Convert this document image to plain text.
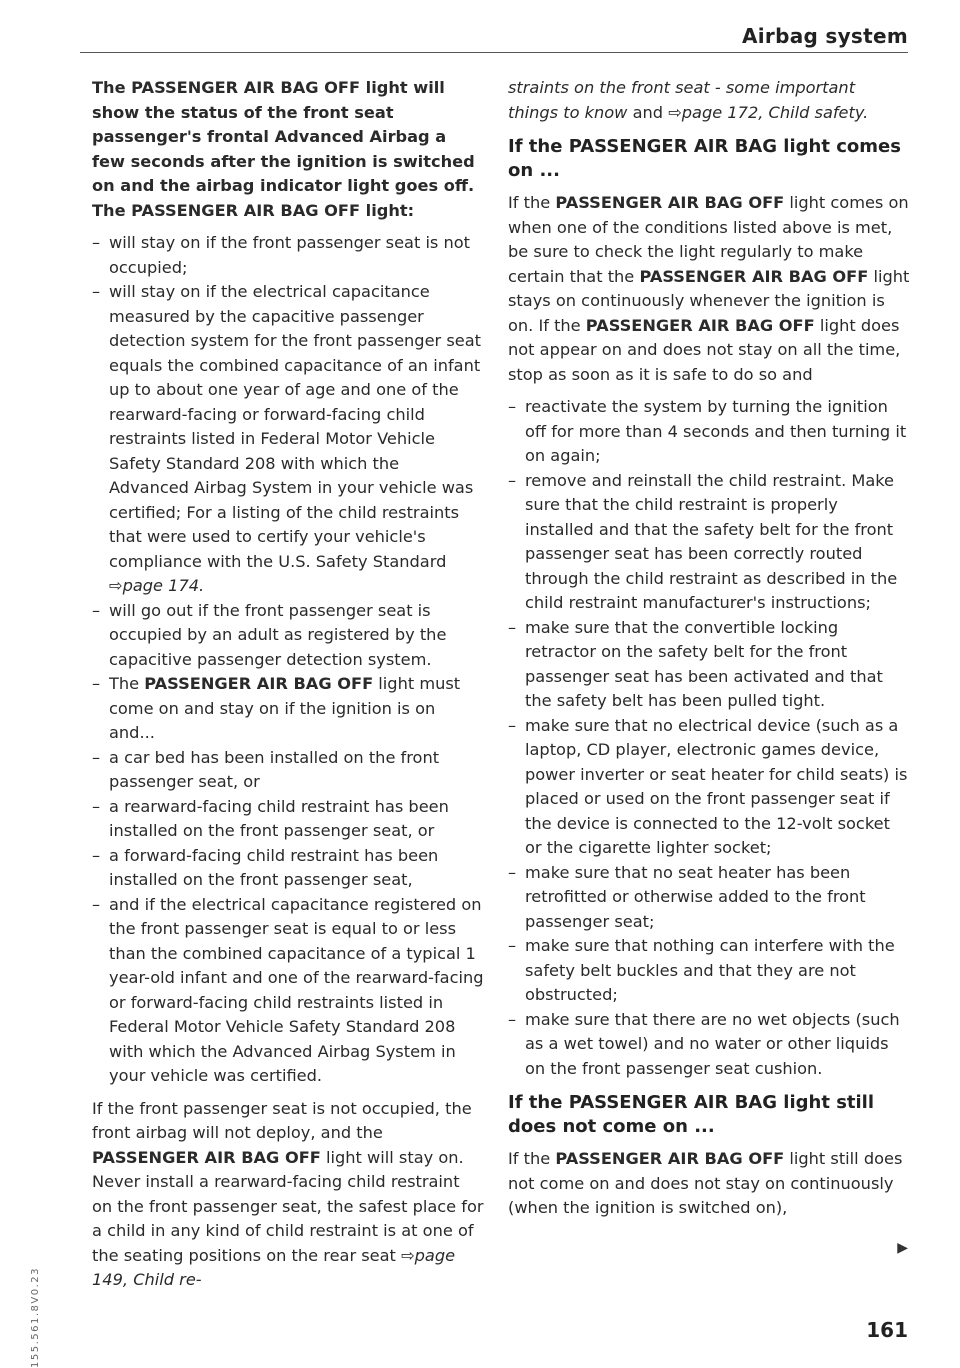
Airbag system

The PASSENGER AIR BAG OFF light will show the status of the front seat passenger's frontal Advanced Airbag a few seconds after the ignition is switched on and the airbag indicator light goes off. The PASSENGER AIR BAG OFF light:

– will stay on if the front passenger seat is not occupied;
– will stay on if the electrical capacitance measured by the capacitive passenger detection system for the front passenger seat equals the combined capacitance of an infant up to about one year of age and one of the rearward-facing or forward-facing child restraints listed in Federal Motor Vehicle Safety Standard 208 with which the Advanced Airbag System in your vehicle was certified; For a listing of the child restraints that were used to certify your vehicle's compliance with the U.S. Safety Standard ⇨page 174.
– will go out if the front passenger seat is occupied by an adult as registered by the capacitive passenger detection system.
– The PASSENGER AIR BAG OFF light must come on and stay on if the ignition is on and...
– a car bed has been installed on the front passenger seat, or
– a rearward-facing child restraint has been installed on the front passenger seat, or
– a forward-facing child restraint has been installed on the front passenger seat,
– and if the electrical capacitance registered on the front passenger seat is equal to or less than the combined capacitance of a typical 1 year-old infant and one of the rearward-facing or forward-facing child restraints listed in Federal Motor Vehicle Safety Standard 208 with which the Advanced Airbag System in your vehicle was certified.

If the front passenger seat is not occupied, the front airbag will not deploy, and the PASSENGER AIR BAG OFF light will stay on. Never install a rearward-facing child restraint on the front passenger seat, the safest place for a child in any kind of child restraint is at one of the seating positions on the rear seat ⇨page 149, Child re-

straints on the front seat - some important things to know and ⇨page 172, Child safety.

If the PASSENGER AIR BAG light comes on ...

If the PASSENGER AIR BAG OFF light comes on when one of the conditions listed above is met, be sure to check the light regularly to make certain that the PASSENGER AIR BAG OFF light stays on continuously whenever the ignition is on. If the PASSENGER AIR BAG OFF light does not appear on and does not stay on all the time, stop as soon as it is safe to do so and

– reactivate the system by turning the ignition off for more than 4 seconds and then turning it on again;
– remove and reinstall the child restraint. Make sure that the child restraint is properly installed and that the safety belt for the front passenger seat has been correctly routed through the child restraint as described in the child restraint manufacturer's instructions;
– make sure that the convertible locking retractor on the safety belt for the front passenger seat has been activated and that the safety belt has been pulled tight.
– make sure that no electrical device (such as a laptop, CD player, electronic games device, power inverter or seat heater for child seats) is placed or used on the front passenger seat if the device is connected to the 12-volt socket or the cigarette lighter socket;
– make sure that no seat heater has been retrofitted or otherwise added to the front passenger seat;
– make sure that nothing can interfere with the safety belt buckles and that they are not obstructed;
– make sure that there are no wet objects (such as a wet towel) and no water or other liquids on the front passenger seat cushion.
If the PASSENGER AIR BAG light still does not come on ...

If the PASSENGER AIR BAG OFF light still does not come on and does not stay on continuously (when the ignition is switched on),

▶
161
155.561.8V0.23
